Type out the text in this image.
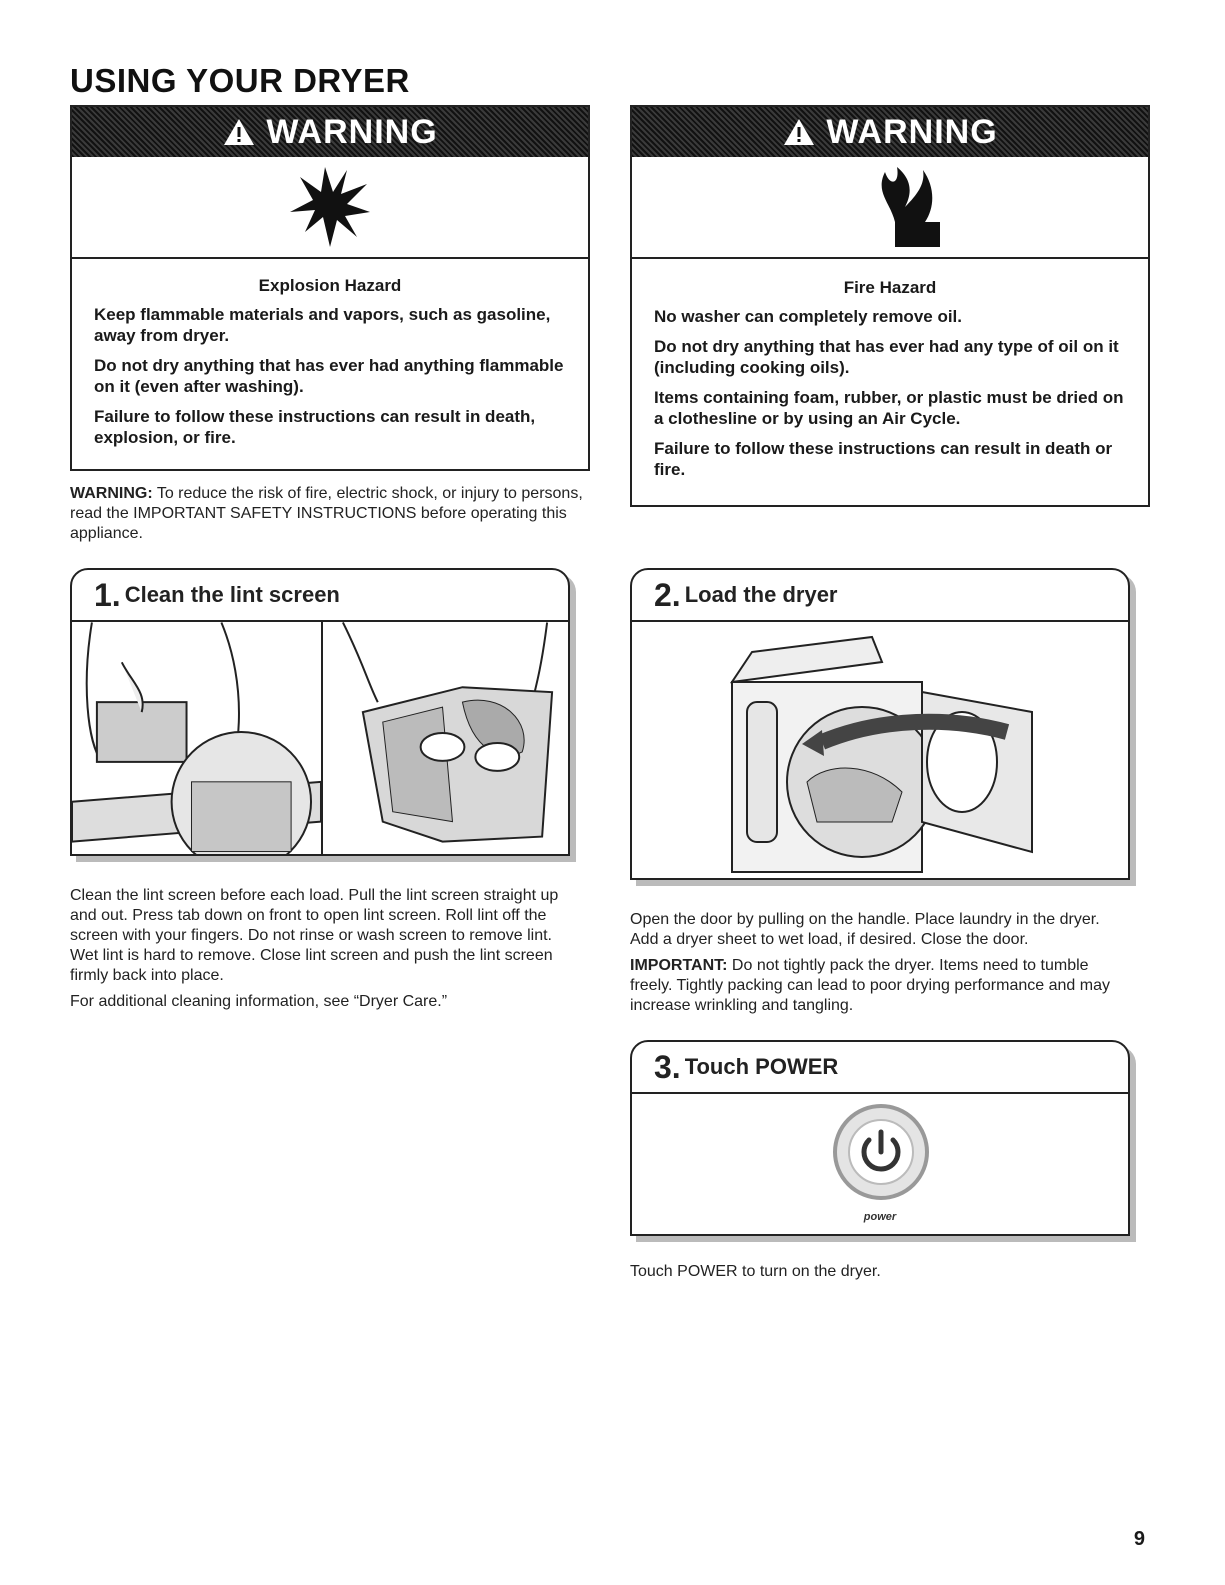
USING YOUR DRYER
WARNING
Explosion Hazard

Keep flammable materials and vapors, such as gasoline, away from dryer.

Do not dry anything that has ever had anything flammable on it (even after washing).

Failure to follow these instructions can result in death, explosion, or fire.

WARNING: To reduce the risk of fire, electric shock, or injury to persons, read the IMPORTANT SAFETY INSTRUCTIONS before operating this appliance.
WARNING
Fire Hazard

No washer can completely remove oil.

Do not dry anything that has ever had any type of oil on it (including cooking oils).

Items containing foam, rubber, or plastic must be dried on a clothesline or by using an Air Cycle.

Failure to follow these instructions can result in death or fire.

1. Clean the lint screen

Clean the lint screen before each load. Pull the lint screen straight up and out. Press tab down on front to open lint screen. Roll lint off the screen with your fingers. Do not rinse or wash screen to remove lint. Wet lint is hard to remove. Close lint screen and push the lint screen firmly back into place.

For additional cleaning information, see “Dryer Care.”

2. Load the dryer

Open the door by pulling on the handle. Place laundry in the dryer. Add a dryer sheet to wet load, if desired. Close the door.

IMPORTANT: Do not tightly pack the dryer. Items need to tumble freely. Tightly packing can lead to poor drying performance and may increase wrinkling and tangling.

3. Touch POWER
power

Touch POWER to turn on the dryer.

9
